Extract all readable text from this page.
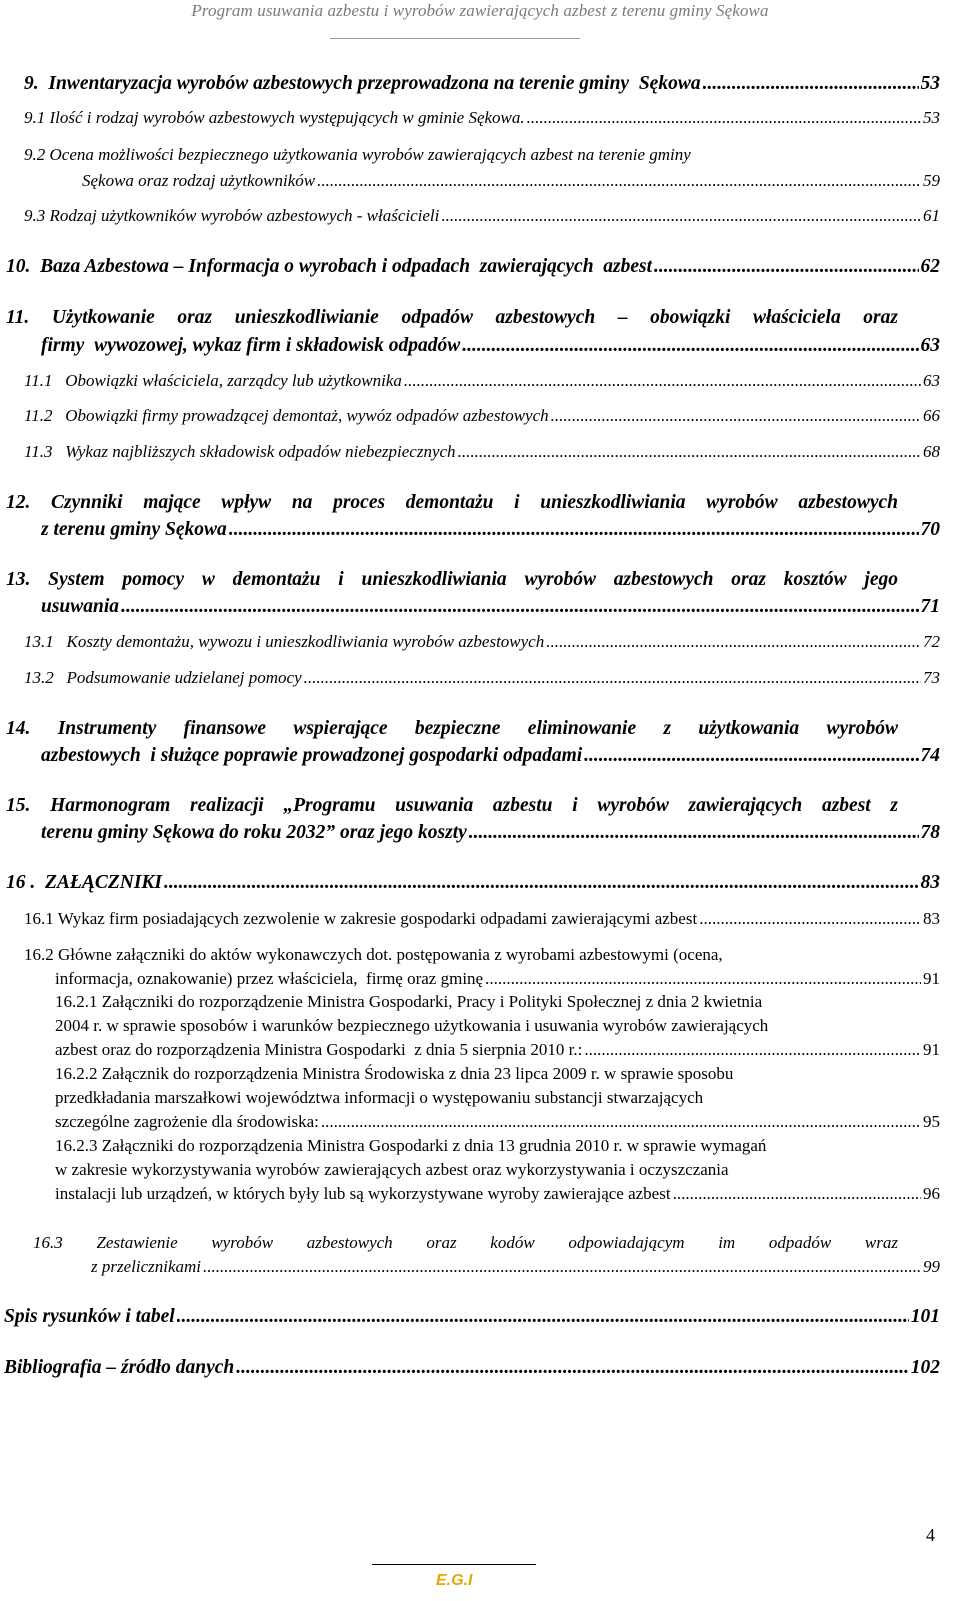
Program usuwania azbestu i wyrobów zawierających azbest z terenu gminy Sękowa
9.  Inwentaryzacja wyrobów azbestowych przeprowadzona na terenie gminy  Sękowa .....	53
9.1 Ilość i rodzaj wyrobów azbestowych występujących w gminie Sękowa. .....	53
9.2 Ocena możliwości bezpiecznego użytkowania wyrobów zawierających azbest na terenie gminy
Sękowa oraz rodzaj użytkowników .....	59
9.3 Rodzaj użytkowników wyrobów azbestowych - właścicieli .....	61
10.  Baza Azbestowa – Informacja o wyrobach i odpadach  zawierających  azbest .....	62
11. Użytkowanie oraz unieszkodliwianie odpadów azbestowych – obowiązki właściciela oraz
firmy  wywozowej, wykaz firm i składowisk odpadów .....	63
11.1   Obowiązki właściciela, zarządcy lub użytkownika .....	63
11.2   Obowiązki firmy prowadzącej demontaż, wywóz odpadów azbestowych .....	66
11.3   Wykaz najbliższych składowisk odpadów niebezpiecznych .....	68
12. Czynniki mające wpływ na proces demontażu i unieszkodliwiania wyrobów azbestowych
z terenu gminy Sękowa .....	70
13. System pomocy w demontażu i unieszkodliwiania wyrobów azbestowych oraz kosztów jego
usuwania .....	71
13.1   Koszty demontażu, wywozu i unieszkodliwiania wyrobów azbestowych .....	72
13.2   Podsumowanie udzielanej pomocy .....	73
14. Instrumenty finansowe wspierające bezpieczne eliminowanie z użytkowania wyrobów
azbestowych  i służące poprawie prowadzonej gospodarki odpadami .....	74
15. Harmonogram realizacji „Programu usuwania azbestu i wyrobów zawierających azbest z
terenu gminy Sękowa do roku 2032” oraz jego koszty .....	78
16 .  ZAŁĄCZNIKI .....	83
16.1 Wykaz firm posiadających zezwolenie w zakresie gospodarki odpadami zawierającymi azbest .....	83
16.2 Główne załączniki do aktów wykonawczych dot. postępowania z wyrobami azbestowymi (ocena,
informacja, oznakowanie) przez właściciela,  firmę oraz gminę .....	91
16.2.1 Załączniki do rozporządzenie Ministra Gospodarki, Pracy i Polityki Społecznej z dnia 2 kwietnia
2004 r. w sprawie sposobów i warunków bezpiecznego użytkowania i usuwania wyrobów zawierających
azbest oraz do rozporządzenia Ministra Gospodarki  z dnia 5 sierpnia 2010 r.: .....	91
16.2.2 Załącznik do rozporządzenia Ministra Środowiska z dnia 23 lipca 2009 r. w sprawie sposobu
przedkładania marszałkowi województwa informacji o występowaniu substancji stwarzających
szczególne zagrożenie dla środowiska: .....	95
16.2.3 Załączniki do rozporządzenia Ministra Gospodarki z dnia 13 grudnia 2010 r. w sprawie wymagań
w zakresie wykorzystywania wyrobów zawierających azbest oraz wykorzystywania i oczyszczania
instalacji lub urządzeń, w których były lub są wykorzystywane wyroby zawierające azbest .....	96
16.3 Zestawienie wyrobów azbestowych oraz kodów odpowiadającym im odpadów wraz
z przelicznikami .....	99
Spis rysunków i tabel .....	101
Bibliografia – źródło danych .....	102
4
E.G.I
